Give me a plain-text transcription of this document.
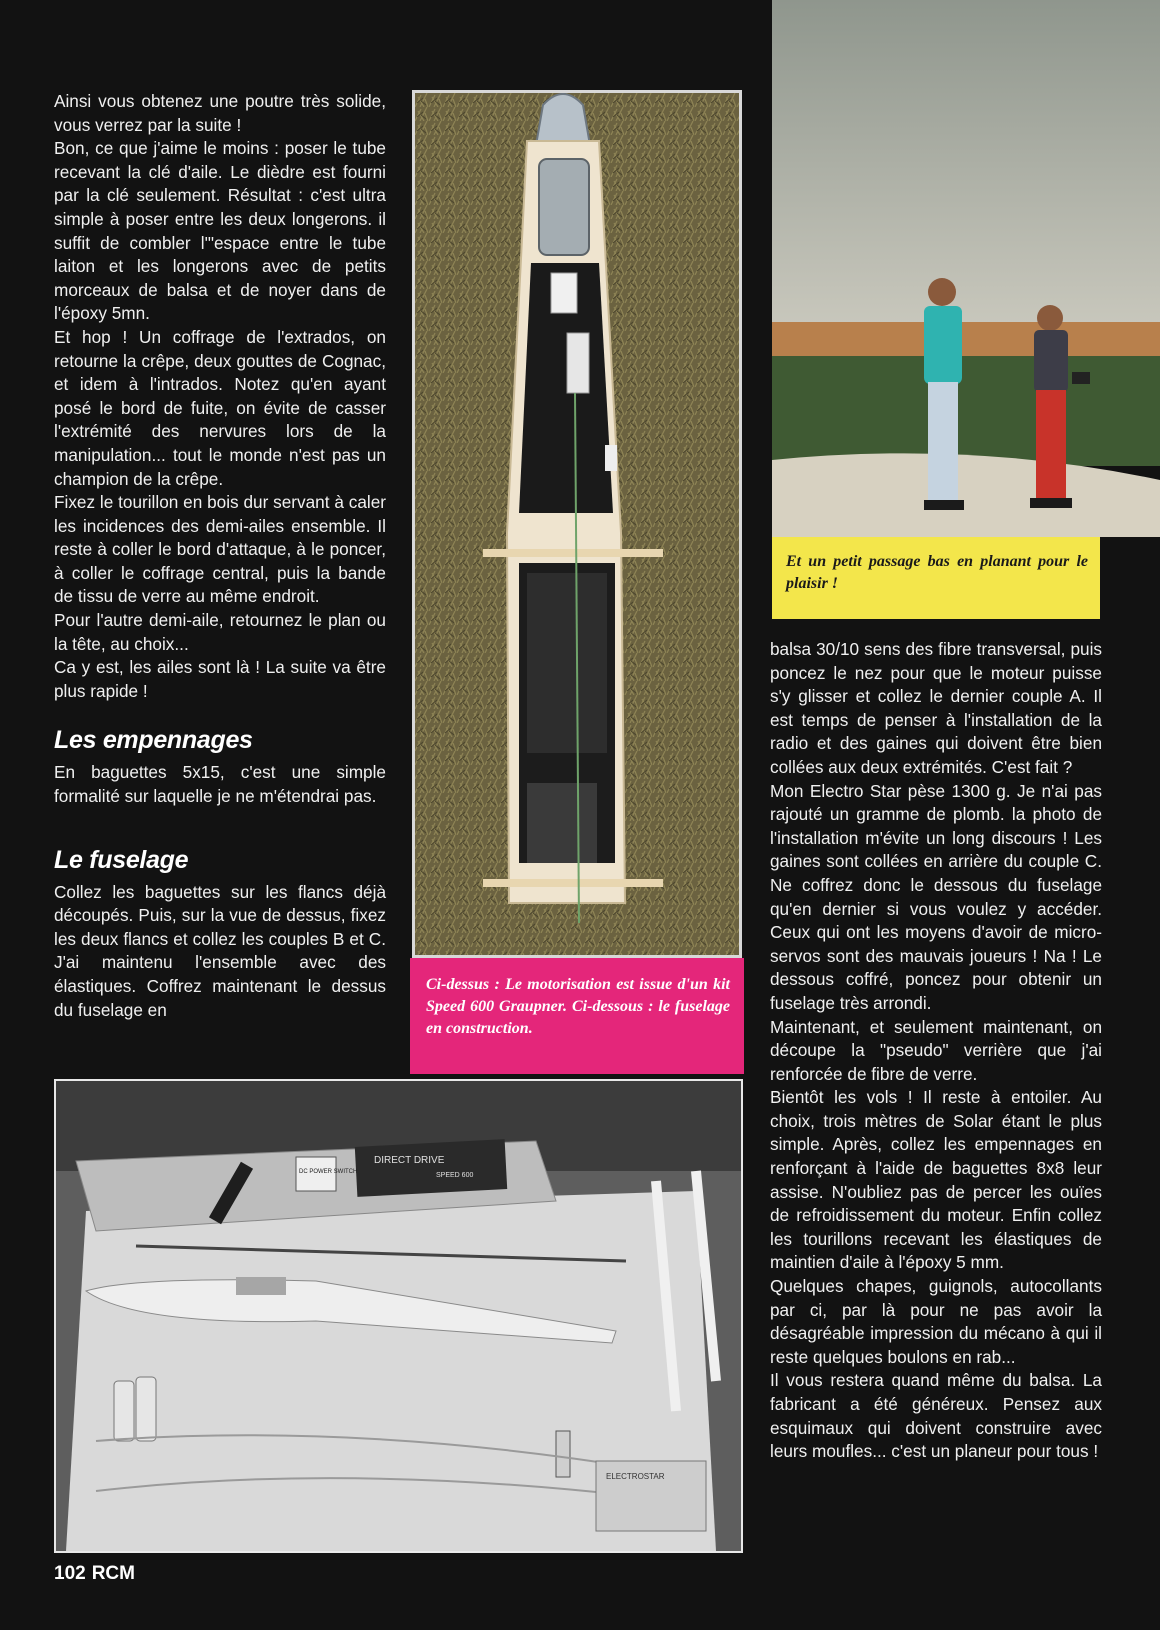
Ainsi vous obtenez une poutre très solide, vous verrez par la suite !

Bon, ce que j'aime le moins : poser le tube recevant la clé d'aile. Le dièdre est fourni par la clé seulement. Résultat : c'est ultra simple à poser entre les deux longerons. il suffit de combler l'"espace entre le tube laiton et les longerons avec de petits morceaux de balsa et de noyer dans de l'époxy 5mn.

Et hop ! Un coffrage de l'extrados, on retourne la crêpe, deux gouttes de Cognac, et idem à l'intrados. Notez qu'en ayant posé le bord de fuite, on évite de casser l'extrémité des nervures lors de la manipulation... tout le monde n'est pas un champion de la crêpe.

Fixez le tourillon en bois dur servant à caler les incidences des demi-ailes ensemble. Il reste à coller le bord d'attaque, à le poncer, à coller le coffrage central, puis la bande de tissu de verre au même endroit.

Pour l'autre demi-aile, retournez le plan ou la tête, au choix...

Ca y est, les ailes sont là ! La suite va être plus rapide !

Les empennages

En baguettes 5x15, c'est une simple formalité sur laquelle je ne m'étendrai pas.

Le fuselage

Collez les baguettes sur les flancs déjà découpés. Puis, sur la vue de dessus, fixez les deux flancs et collez les couples B et C. J'ai maintenu l'ensemble avec des élastiques. Coffrez maintenant le dessus du fuselage en

Et un petit passage bas en planant pour le plaisir !
Ci-dessus : Le motorisation est issue d'un kit Speed 600 Graupner. Ci-dessous : le fuselage en construction.

balsa 30/10 sens des fibre transversal, puis poncez le nez pour que le moteur puisse s'y glisser et collez le dernier couple A. Il est temps de penser à l'installation de la radio et des gaines qui doivent être bien collées aux deux extrémités. C'est fait ?

Mon Electro Star pèse 1300 g. Je n'ai pas rajouté un gramme de plomb. la photo de l'installation m'évite un long discours ! Les gaines sont collées en arrière du couple C. Ne coffrez donc le dessous du fuselage qu'en dernier si vous voulez y accéder. Ceux qui ont les moyens d'avoir de micro-servos sont des mauvais joueurs ! Na ! Le dessous coffré, poncez pour obtenir un fuselage très arrondi.

Maintenant, et seulement maintenant, on découpe la "pseudo" verrière que j'ai renforcée de fibre de verre.

Bientôt les vols ! Il reste à entoiler. Au choix, trois mètres de Solar étant le plus simple. Après, collez les empennages en renforçant à l'aide de baguettes 8x8 leur assise. N'oubliez pas de percer les ouïes de refroidissement du moteur. Enfin collez les tourillons recevant les élastiques de maintien d'aile à l'époxy 5 mm.

Quelques chapes, guignols, autocollants par ci, par là pour ne pas avoir la désagréable impression du mécano à qui il reste quelques boulons en rab...

Il vous restera quand même du balsa. La fabricant a été généreux. Pensez aux esquimaux qui doivent construire avec leurs moufles... c'est un planeur pour tous !

DIRECT DRIVE
SPEED 600
DC POWER SWITCH
ELECTROSTAR
102 RCM
